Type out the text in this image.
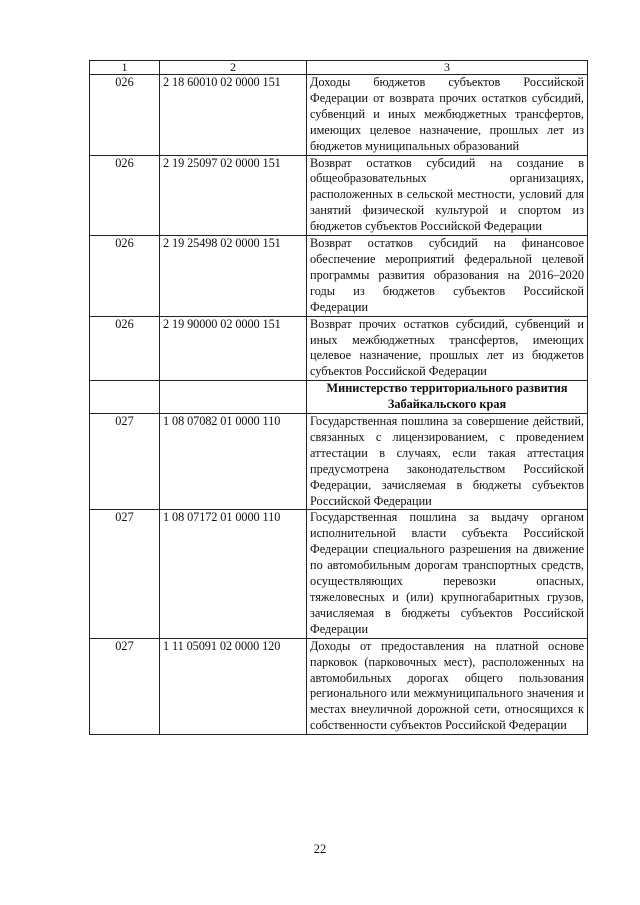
1	2	3
026	2 18 60010 02 0000 151	Доходы бюджетов субъектов Российской Федерации от возврата прочих остатков субсидий, субвенций и иных межбюджетных трансфертов, имеющих целевое назначение, прошлых лет из бюджетов муниципальных образований
026	2 19 25097 02 0000 151	Возврат остатков субсидий на создание в общеобразовательных организациях, расположенных в сельской местности, условий для занятий физической культурой и спортом из бюджетов субъектов Российской Федерации
026	2 19 25498 02 0000 151	Возврат остатков субсидий на финансовое обеспечение мероприятий федеральной целевой программы развития образования на 2016–2020 годы из бюджетов субъектов Российской Федерации
026	2 19 90000 02 0000 151	Возврат прочих остатков субсидий, субвенций и иных межбюджетных трансфертов, имеющих целевое назначение, прошлых лет из бюджетов субъектов Российской Федерации
		Министерство территориального развития Забайкальского края
027	1 08 07082 01 0000 110	Государственная пошлина за совершение действий, связанных с лицензированием, с проведением аттестации в случаях, если такая аттестация предусмотрена законодательством Российской Федерации, зачисляемая в бюджеты субъектов Российской Федерации
027	1 08 07172 01 0000 110	Государственная пошлина за выдачу органом исполнительной власти субъекта Российской Федерации специального разрешения на движение по автомобильным дорогам транспортных средств, осуществляющих перевозки опасных, тяжеловесных и (или) крупногабаритных грузов, зачисляемая в бюджеты субъектов Российской Федерации
027	1 11 05091 02 0000 120	Доходы от предоставления на платной основе парковок (парковочных мест), расположенных на автомобильных дорогах общего пользования регионального или межмуниципального значения и местах внеуличной дорожной сети, относящихся к собственности субъектов Российской Федерации
22
